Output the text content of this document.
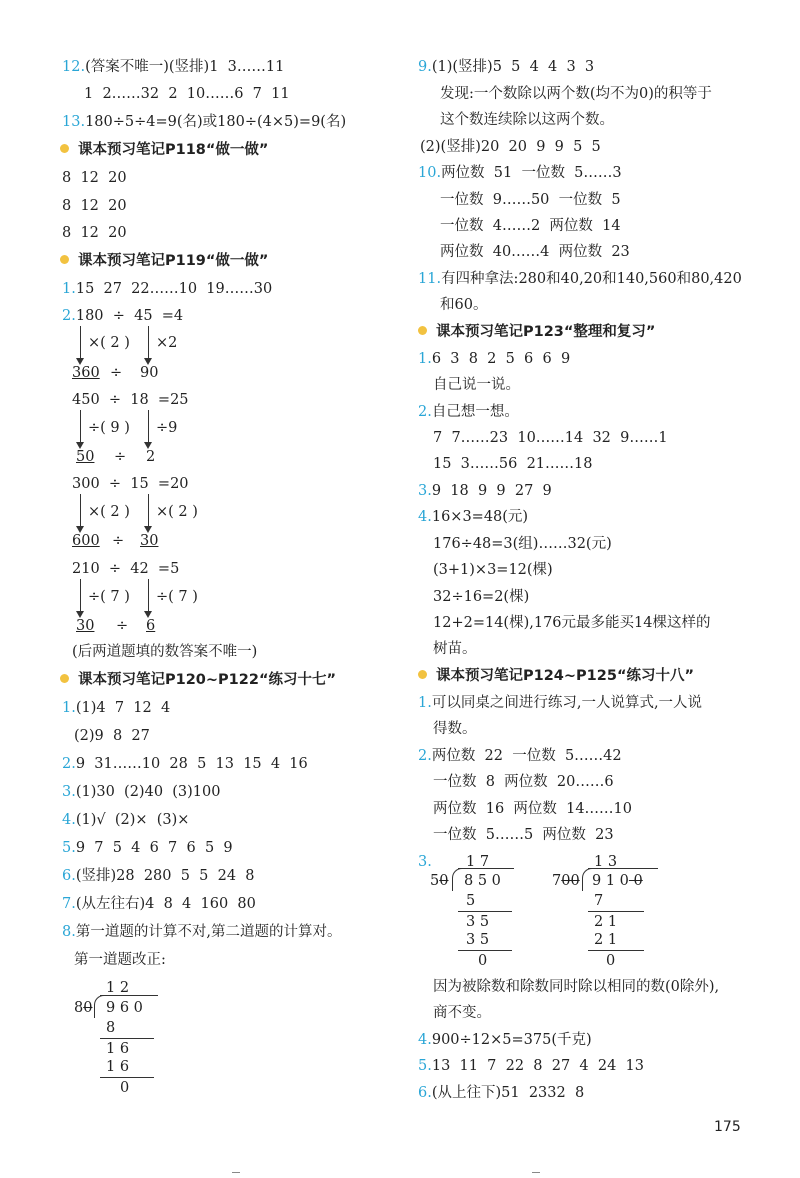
12.(答案不唯一)(竖排)1  3……11
1  2……32  2  10……6  7  11
13.180÷5÷4=9(名)或180÷(4×5)=9(名)
课本预习笔记P118“做一做”
8  12  20
8  12  20
8  12  20
课本预习笔记P119“做一做”
1.15  27  22……10  19……30
2.180  ÷  45  =4
×( 2 ) ×2
360 ÷ 90
450  ÷  18  =25
÷( 9 ) ÷9
50 ÷ 2
300  ÷  15  =20
×( 2 ) ×( 2 )
600 ÷ 30
210  ÷  42  =5
÷( 7 ) ÷( 7 )
30 ÷ 6
(后两道题填的数答案不唯一)
课本预习笔记P120~P122“练习十七”
1.(1)4  7  12  4
(2)9  8  27
2.9  31……10  28  5  13  15  4  16
3.(1)30  (2)40  (3)100
4.(1)√  (2)×  (3)×
5.9  7  5  4  6  7  6  5  9
6.(竖排)28  280  5  5  24  8
7.(从左往右)4  8  4  160  80
8.第一道题的计算不对,第二道题的计算对。
第一道题改正:
1 2
80 9 6 0
8
1 6
1 6
0
9.(1)(竖排)5  5  4  4  3  3
发现:一个数除以两个数(均不为0)的积等于
这个数连续除以这两个数。
(2)(竖排)20  20  9  9  5  5
10.两位数  51  一位数  5……3
一位数  9……50  一位数  5
一位数  4……2  两位数  14
两位数  40……4  两位数  23
11.有四种拿法:280和40,20和140,560和80,420
和60。
课本预习笔记P123“整理和复习”
1.6  3  8  2  5  6  6  9
自己说一说。
2.自己想一想。
7  7……23  10……14  32  9……1
15  3……56  21……18
3.9  18  9  9  27  9
4.16×3=48(元)
176÷48=3(组)……32(元)
(3+1)×3=12(棵)
32÷16=2(棵)
12+2=14(棵),176元最多能买14棵这样的
树苗。
课本预习笔记P124~P125“练习十八”
1.可以同桌之间进行练习,一人说算式,一人说
得数。
2.两位数  22  一位数  5……42
一位数  8  两位数  20……6
两位数  16  两位数  14……10
一位数  5……5  两位数  23
3. 1 7
50 8 5 0
5
3 5
3 5
0
1 3
700 9 1 0 0
7
2 1
2 1
0
因为被除数和除数同时除以相同的数(0除外),
商不变。
4.900÷12×5=375(千克)
5.13  11  7  22  8  27  4  24  13
6.(从上往下)51  2332  8
175
